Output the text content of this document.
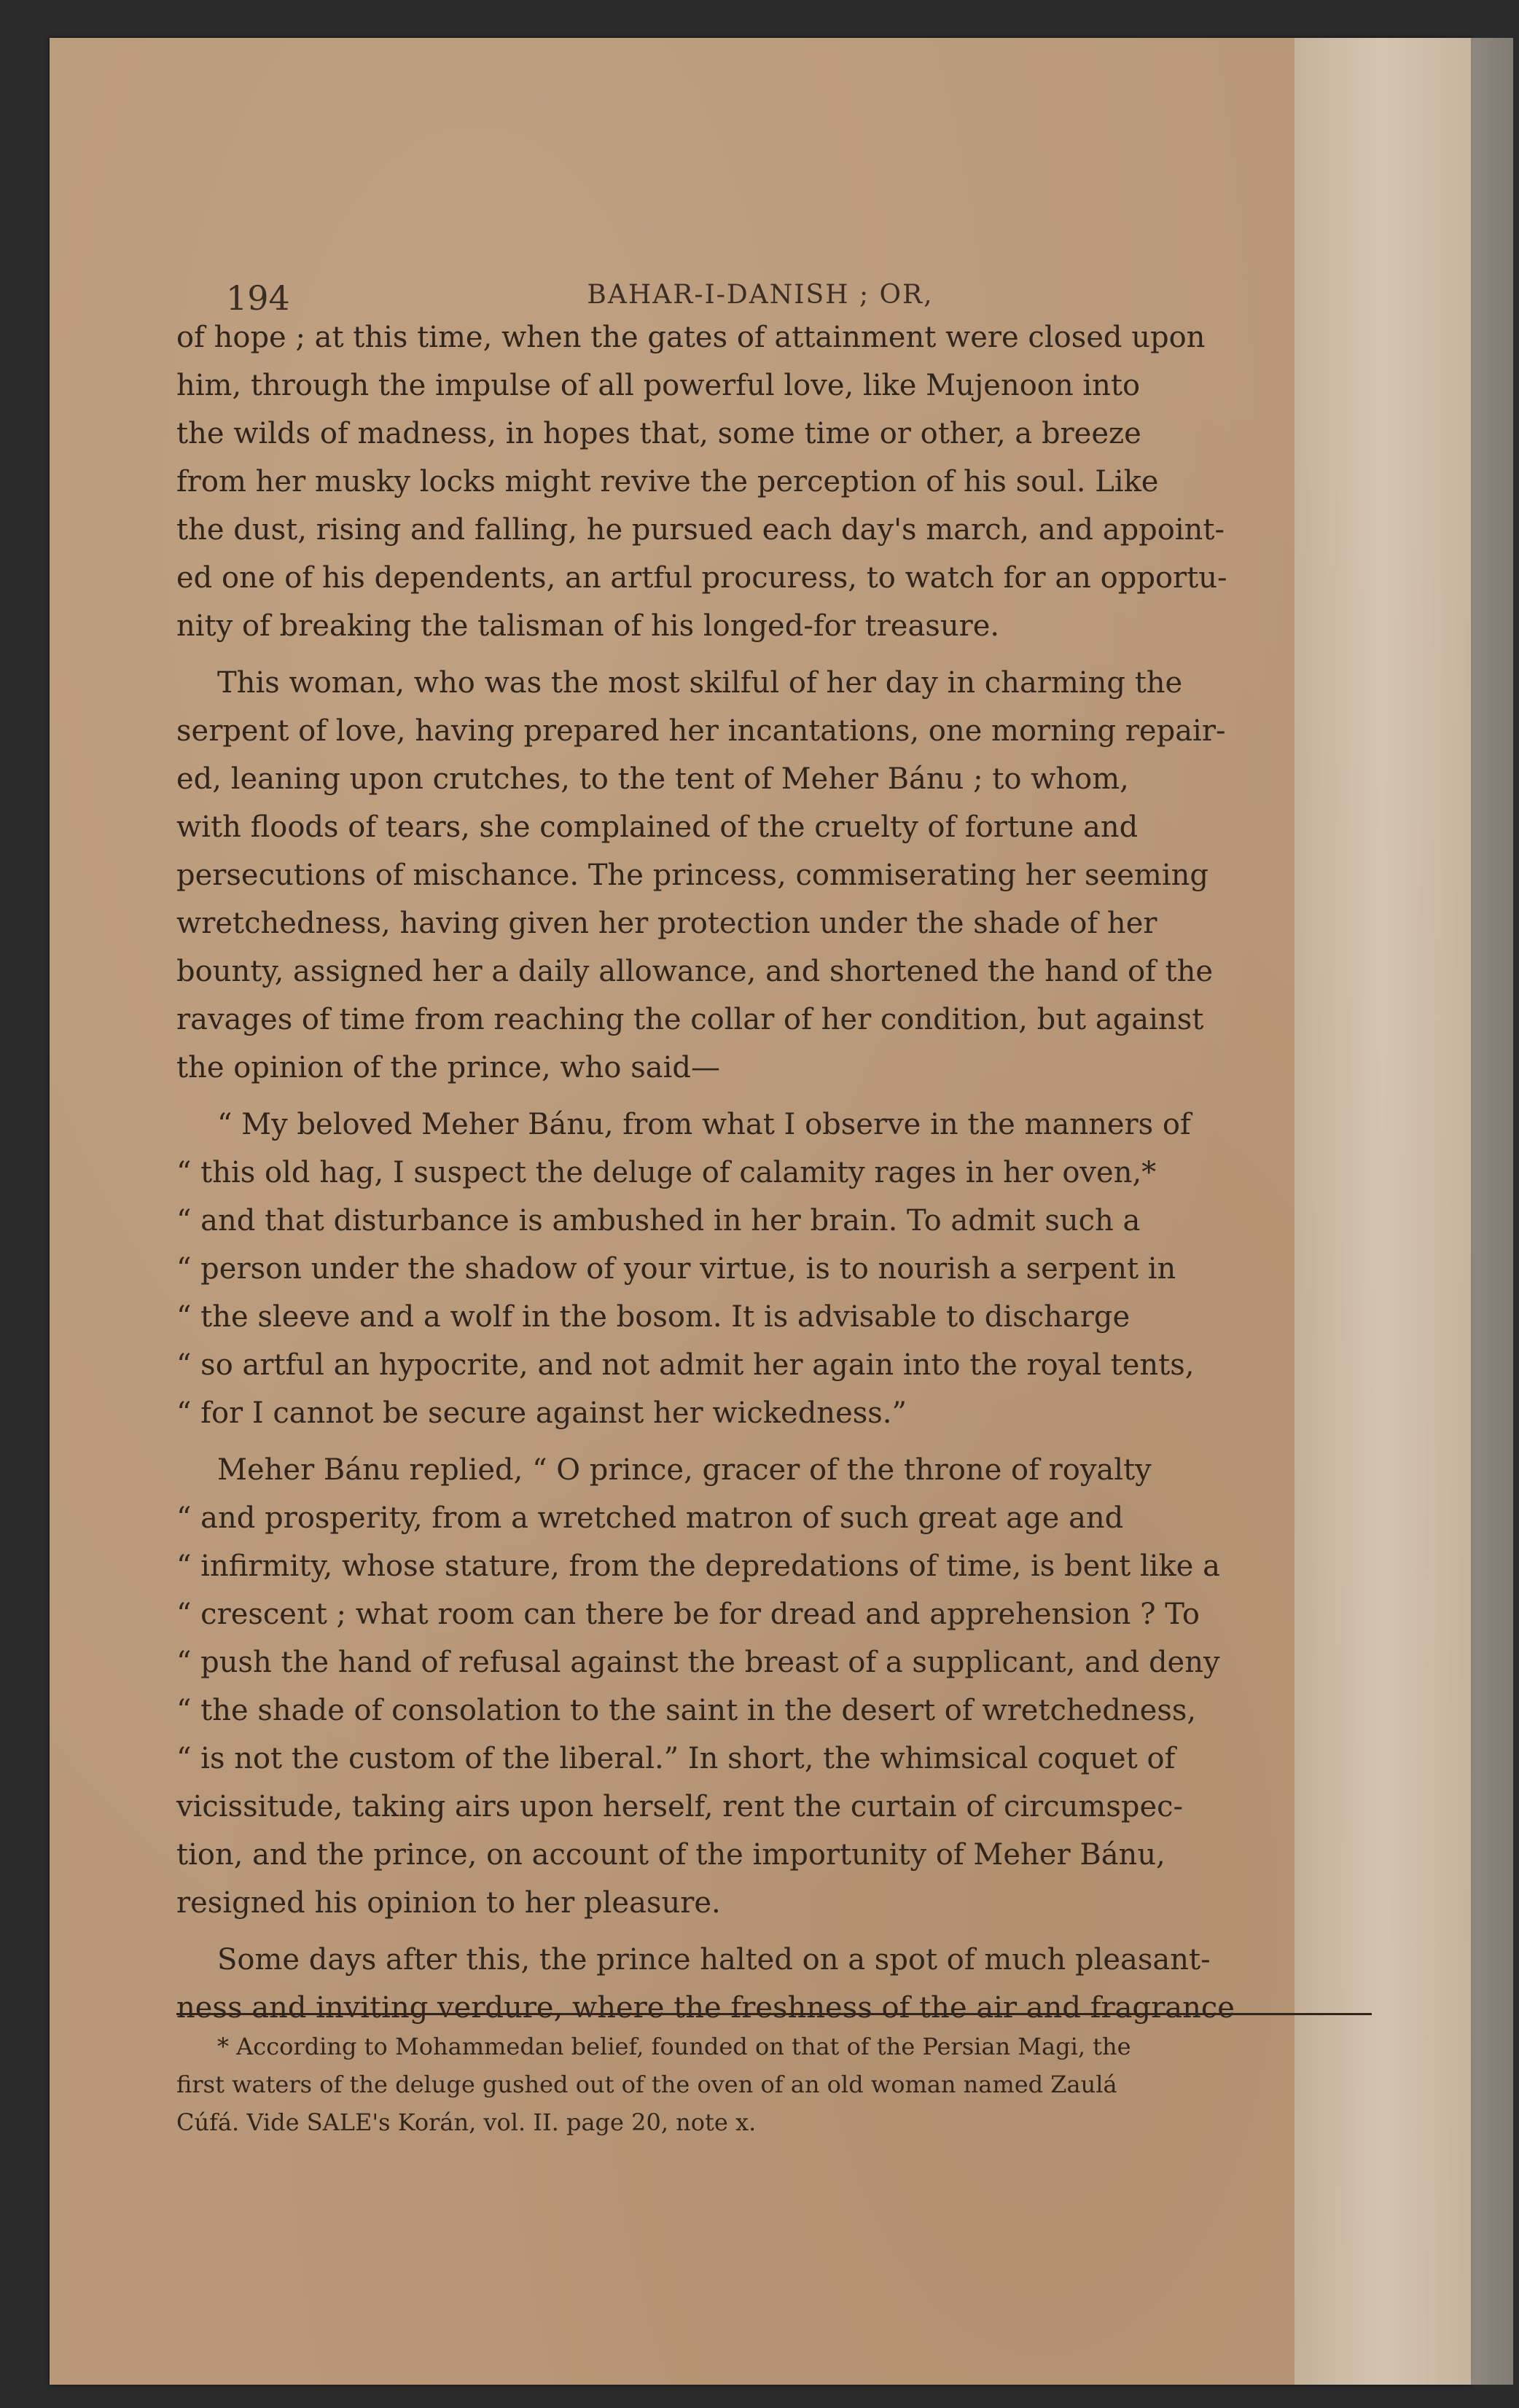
194	BAHAR-I-DANISH ; OR,

of hope ; at this time, when the gates of attainment were closed upon
him, through the impulse of all powerful love, like Mujenoon into
the wilds of madness, in hopes that, some time or other, a breeze
from her musky locks might revive the perception of his soul. Like
the dust, rising and falling, he pursued each day's march, and appoint-
ed one of his dependents, an artful procuress, to watch for an opportu-
nity of breaking the talisman of his longed-for treasure.

This woman, who was the most skilful of her day in charming the
serpent of love, having prepared her incantations, one morning repair-
ed, leaning upon crutches, to the tent of Meher Bánu ; to whom,
with floods of tears, she complained of the cruelty of fortune and
persecutions of mischance. The princess, commiserating her seeming
wretchedness, having given her protection under the shade of her
bounty, assigned her a daily allowance, and shortened the hand of the
ravages of time from reaching the collar of her condition, but against
the opinion of the prince, who said—

“ My beloved Meher Bánu, from what I observe in the manners of
“ this old hag, I suspect the deluge of calamity rages in her oven,*
“ and that disturbance is ambushed in her brain. To admit such a
“ person under the shadow of your virtue, is to nourish a serpent in
“ the sleeve and a wolf in the bosom. It is advisable to discharge
“ so artful an hypocrite, and not admit her again into the royal tents,
“ for I cannot be secure against her wickedness.”

Meher Bánu replied, “ O prince, gracer of the throne of royalty
“ and prosperity, from a wretched matron of such great age and
“ infirmity, whose stature, from the depredations of time, is bent like a
“ crescent ; what room can there be for dread and apprehension ? To
“ push the hand of refusal against the breast of a supplicant, and deny
“ the shade of consolation to the saint in the desert of wretchedness,
“ is not the custom of the liberal.” In short, the whimsical coquet of
vicissitude, taking airs upon herself, rent the curtain of circumspec-
tion, and the prince, on account of the importunity of Meher Bánu,
resigned his opinion to her pleasure.

Some days after this, the prince halted on a spot of much pleasant-
ness and inviting verdure, where the freshness of the air and fragrance

* According to Mohammedan belief, founded on that of the Persian Magi, the
first waters of the deluge gushed out of the oven of an old woman named Zaulá
Cúfá. Vide SALE's Korán, vol. II. page 20, note x.
